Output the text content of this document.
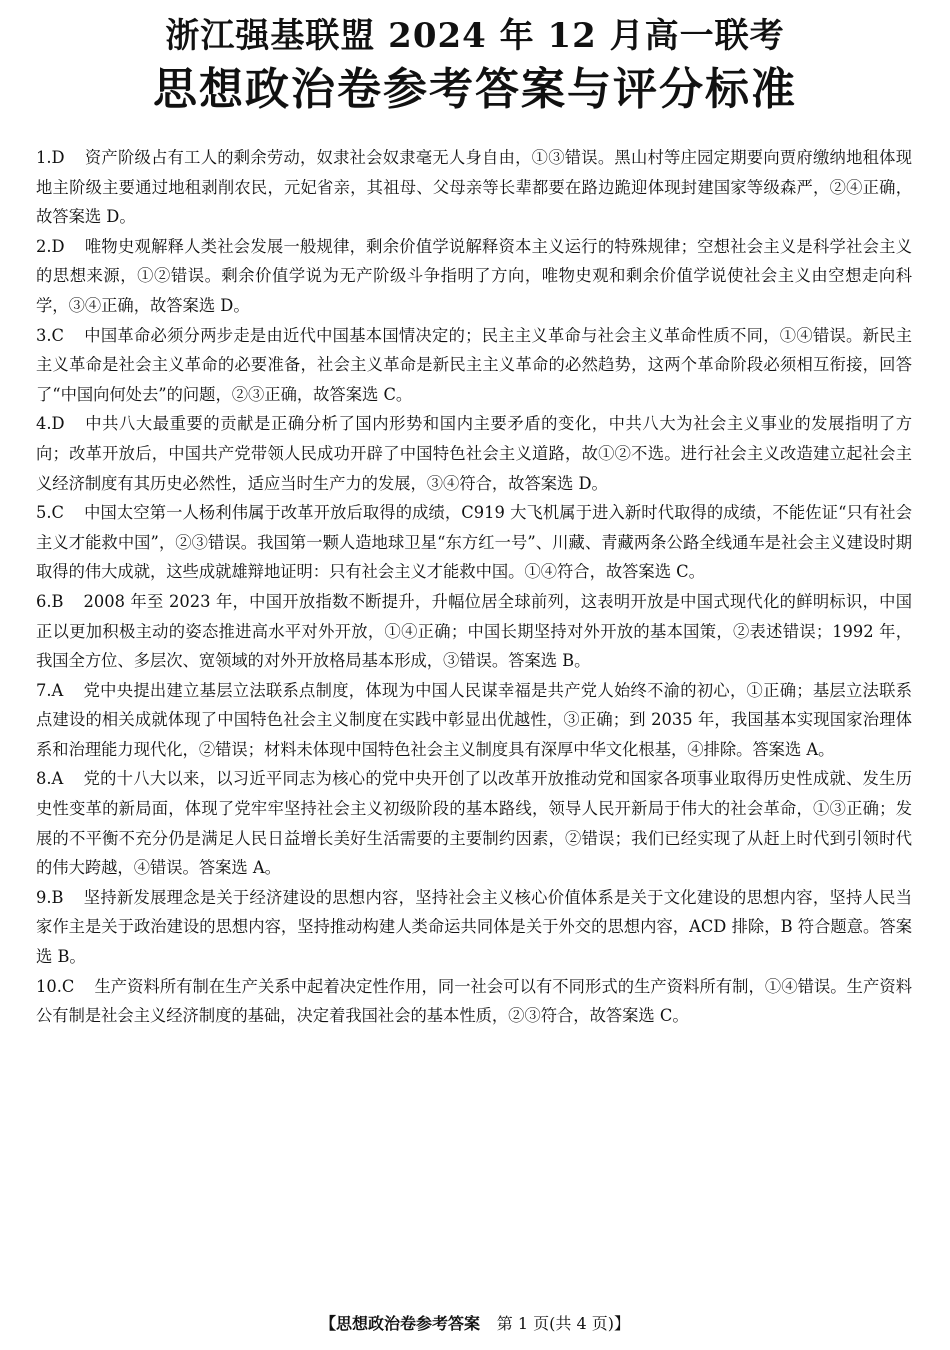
浙江强基联盟 2024 年 12 月高一联考
思想政治卷参考答案与评分标准

1.D 资产阶级占有工人的剩余劳动，奴隶社会奴隶毫无人身自由，①③错误。黑山村等庄园定期要向贾府缴纳地租体现地主阶级主要通过地租剥削农民，元妃省亲，其祖母、父母亲等长辈都要在路边跪迎体现封建国家等级森严，②④正确，故答案选 D。

2.D 唯物史观解释人类社会发展一般规律，剩余价值学说解释资本主义运行的特殊规律；空想社会主义是科学社会主义的思想来源，①②错误。剩余价值学说为无产阶级斗争指明了方向，唯物史观和剩余价值学说使社会主义由空想走向科学，③④正确，故答案选 D。

3.C 中国革命必须分两步走是由近代中国基本国情决定的；民主主义革命与社会主义革命性质不同，①④错误。新民主主义革命是社会主义革命的必要准备，社会主义革命是新民主主义革命的必然趋势，这两个革命阶段必须相互衔接，回答了“中国向何处去”的问题，②③正确，故答案选 C。

4.D 中共八大最重要的贡献是正确分析了国内形势和国内主要矛盾的变化，中共八大为社会主义事业的发展指明了方向；改革开放后，中国共产党带领人民成功开辟了中国特色社会主义道路，故①②不选。进行社会主义改造建立起社会主义经济制度有其历史必然性，适应当时生产力的发展，③④符合，故答案选 D。

5.C 中国太空第一人杨利伟属于改革开放后取得的成绩，C919 大飞机属于进入新时代取得的成绩，不能佐证“只有社会主义才能救中国”，②③错误。我国第一颗人造地球卫星“东方红一号”、川藏、青藏两条公路全线通车是社会主义建设时期取得的伟大成就，这些成就雄辩地证明：只有社会主义才能救中国。①④符合，故答案选 C。

6.B 2008 年至 2023 年，中国开放指数不断提升，升幅位居全球前列，这表明开放是中国式现代化的鲜明标识，中国正以更加积极主动的姿态推进高水平对外开放，①④正确；中国长期坚持对外开放的基本国策，②表述错误；1992 年，我国全方位、多层次、宽领域的对外开放格局基本形成，③错误。答案选 B。

7.A 党中央提出建立基层立法联系点制度，体现为中国人民谋幸福是共产党人始终不渝的初心，①正确；基层立法联系点建设的相关成就体现了中国特色社会主义制度在实践中彰显出优越性，③正确；到 2035 年，我国基本实现国家治理体系和治理能力现代化，②错误；材料未体现中国特色社会主义制度具有深厚中华文化根基，④排除。答案选 A。

8.A 党的十八大以来，以习近平同志为核心的党中央开创了以改革开放推动党和国家各项事业取得历史性成就、发生历史性变革的新局面，体现了党牢牢坚持社会主义初级阶段的基本路线，领导人民开新局于伟大的社会革命，①③正确；发展的不平衡不充分仍是满足人民日益增长美好生活需要的主要制约因素，②错误；我们已经实现了从赶上时代到引领时代的伟大跨越，④错误。答案选 A。

9.B 坚持新发展理念是关于经济建设的思想内容，坚持社会主义核心价值体系是关于文化建设的思想内容，坚持人民当家作主是关于政治建设的思想内容，坚持推动构建人类命运共同体是关于外交的思想内容，ACD 排除，B 符合题意。答案选 B。

10.C 生产资料所有制在生产关系中起着决定性作用，同一社会可以有不同形式的生产资料所有制，①④错误。生产资料公有制是社会主义经济制度的基础，决定着我国社会的基本性质，②③符合，故答案选 C。

【思想政治卷参考答案 第 1 页(共 4 页)】
